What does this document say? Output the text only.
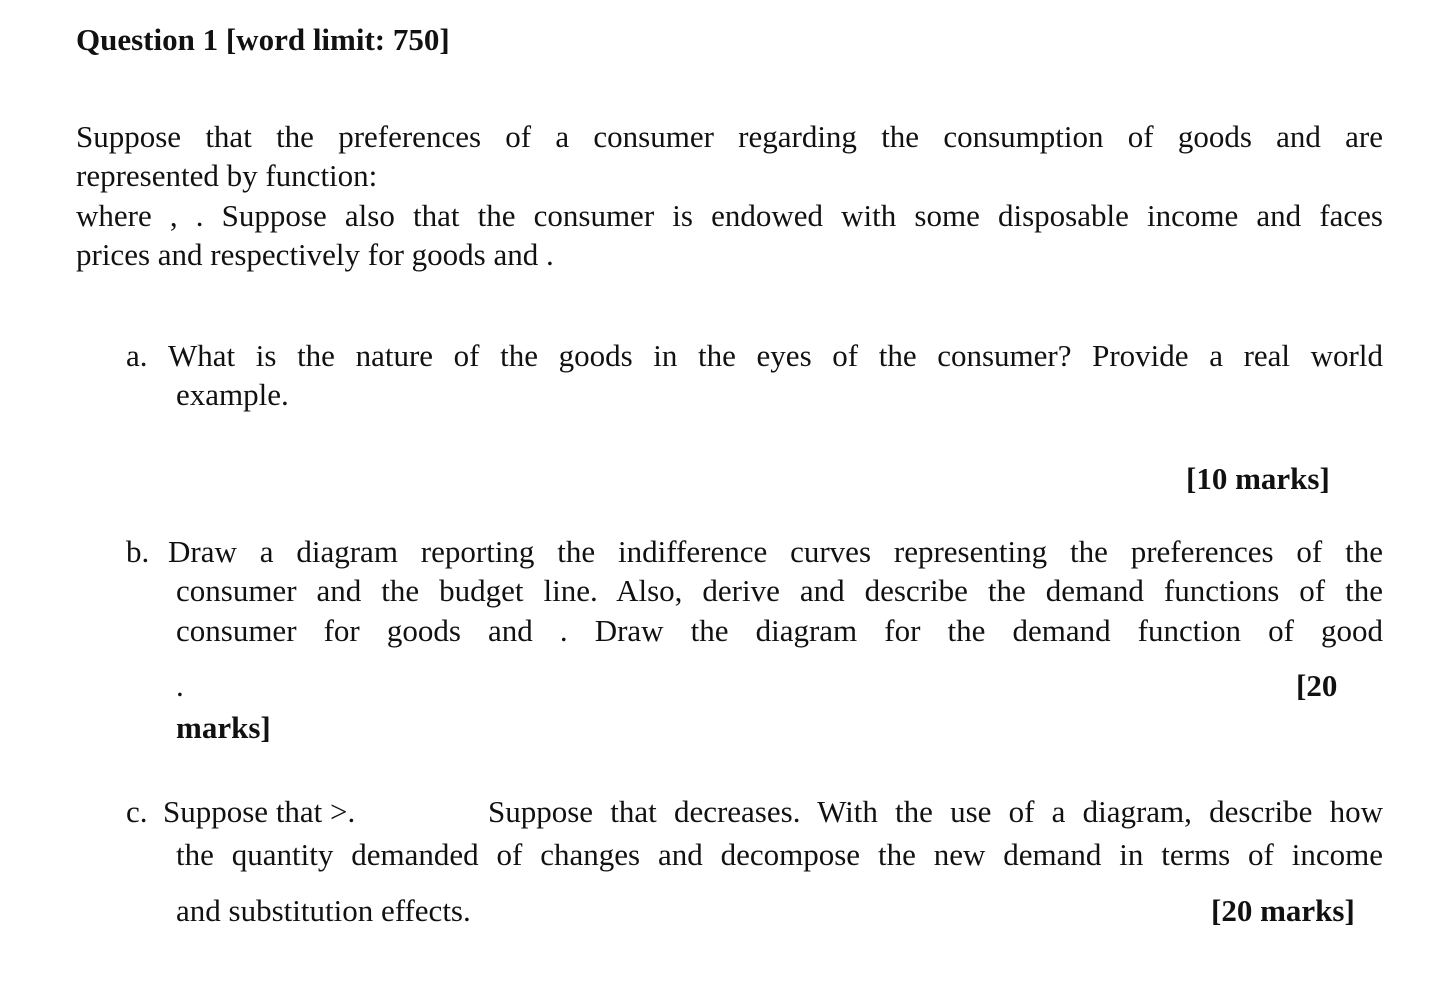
Question 1 [word limit: 750]
Suppose that the preferences of a consumer regarding the consumption of goods and are
represented by function:
where , . Suppose also that the consumer is endowed with some disposable income and faces
prices and respectively for goods and .
a. What is the nature of the goods in the eyes of the consumer? Provide a real world
example.
[10 marks]
b. Draw a diagram reporting the indifference curves representing the preferences of the
consumer and the budget line. Also, derive and describe the demand functions of the
consumer for goods and . Draw the diagram for the demand function of good
.	[20
marks]
c. Suppose that >.	Suppose that decreases. With the use of a diagram, describe how
the quantity demanded of changes and decompose the new demand in terms of income
and substitution effects.	[20 marks]
